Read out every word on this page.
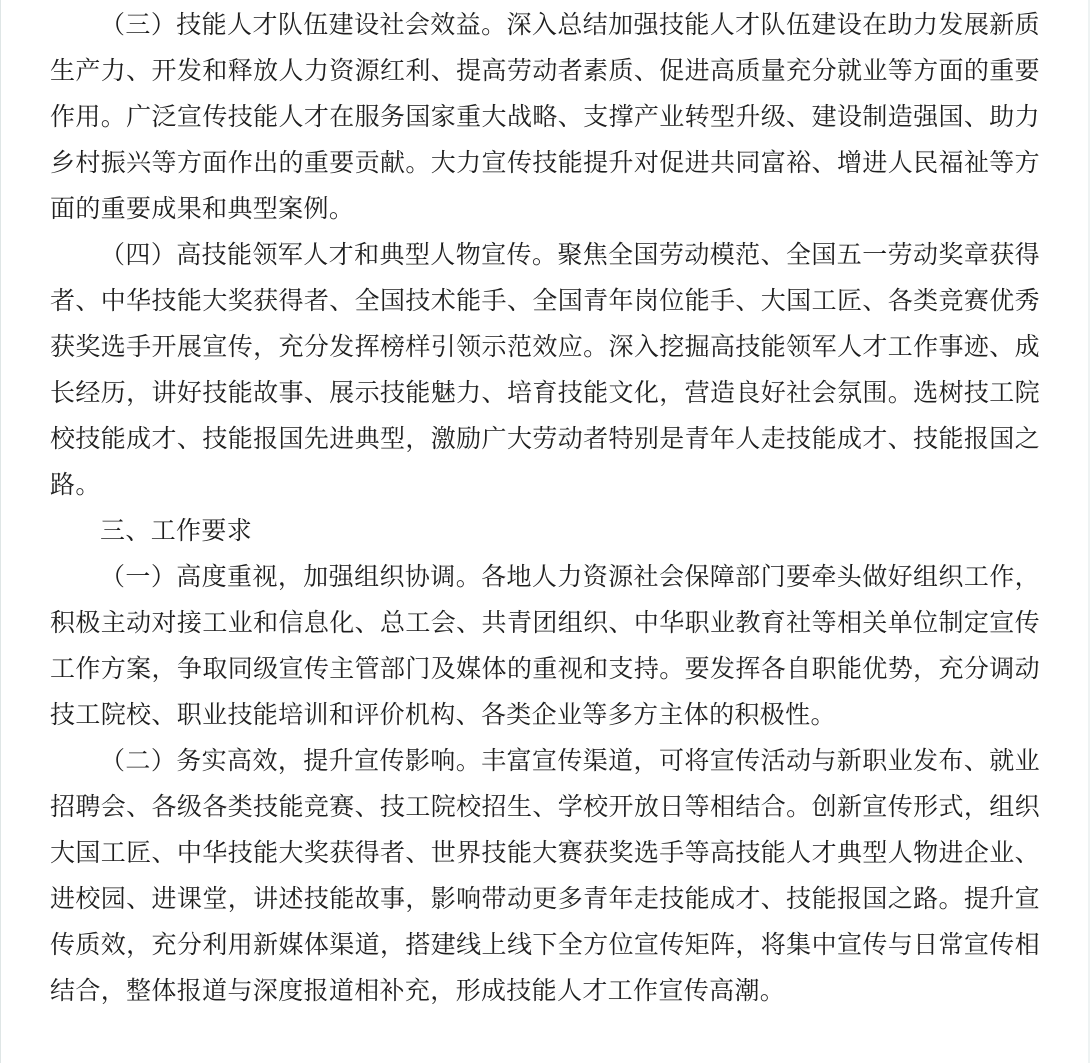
（三）技能人才队伍建设社会效益。深入总结加强技能人才队伍建设在助力发展新质生产力、开发和释放人力资源红利、提高劳动者素质、促进高质量充分就业等方面的重要作用。广泛宣传技能人才在服务国家重大战略、支撑产业转型升级、建设制造强国、助力乡村振兴等方面作出的重要贡献。大力宣传技能提升对促进共同富裕、增进人民福祉等方面的重要成果和典型案例。

（四）高技能领军人才和典型人物宣传。聚焦全国劳动模范、全国五一劳动奖章获得者、中华技能大奖获得者、全国技术能手、全国青年岗位能手、大国工匠、各类竞赛优秀获奖选手开展宣传，充分发挥榜样引领示范效应。深入挖掘高技能领军人才工作事迹、成长经历，讲好技能故事、展示技能魅力、培育技能文化，营造良好社会氛围。选树技工院校技能成才、技能报国先进典型，激励广大劳动者特别是青年人走技能成才、技能报国之路。

三、工作要求

（一）高度重视，加强组织协调。各地人力资源社会保障部门要牵头做好组织工作，积极主动对接工业和信息化、总工会、共青团组织、中华职业教育社等相关单位制定宣传工作方案，争取同级宣传主管部门及媒体的重视和支持。要发挥各自职能优势，充分调动技工院校、职业技能培训和评价机构、各类企业等多方主体的积极性。

（二）务实高效，提升宣传影响。丰富宣传渠道，可将宣传活动与新职业发布、就业招聘会、各级各类技能竞赛、技工院校招生、学校开放日等相结合。创新宣传形式，组织大国工匠、中华技能大奖获得者、世界技能大赛获奖选手等高技能人才典型人物进企业、进校园、进课堂，讲述技能故事，影响带动更多青年走技能成才、技能报国之路。提升宣传质效，充分利用新媒体渠道，搭建线上线下全方位宣传矩阵，将集中宣传与日常宣传相结合，整体报道与深度报道相补充，形成技能人才工作宣传高潮。
